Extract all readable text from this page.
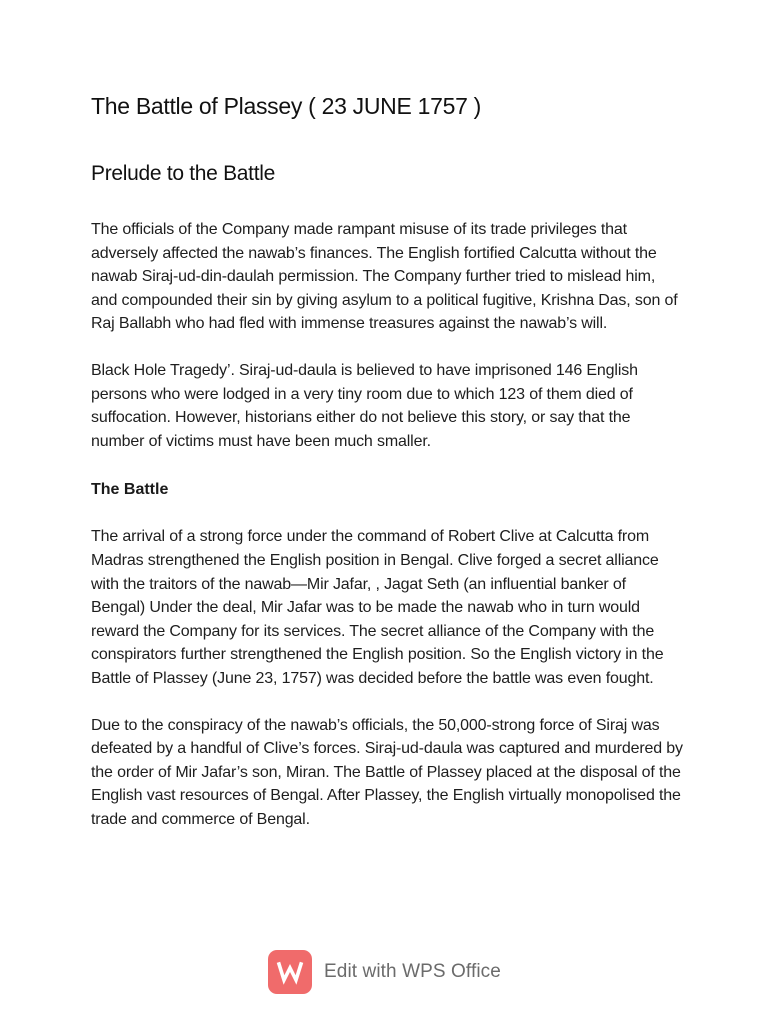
The Battle of Plassey ( 23 JUNE 1757 )
Prelude to the Battle

The officials of the Company made rampant misuse of its trade privileges that adversely affected the nawab’s finances. The English fortified Calcutta without the nawab Siraj-ud-din-daulah permission. The Company further tried to mislead him, and compounded their sin by giving asylum to a political fugitive, Krishna Das, son of Raj Ballabh who had fled with immense treasures against the nawab’s will.

Black Hole Tragedy’. Siraj-ud-daula is believed to have imprisoned 146 English persons who were lodged in a very tiny room due to which 123 of them died of suffocation. However, historians either do not believe this story, or say that the number of victims must have been much smaller.

The Battle

The arrival of a strong force under the command of Robert Clive at Calcutta from Madras strengthened the English position in Bengal. Clive forged a secret alliance with the traitors of the nawab—Mir Jafar, , Jagat Seth (an influential banker of Bengal) Under the deal, Mir Jafar was to be made the nawab who in turn would reward the Company for its services. The secret alliance of the Company with the conspirators further strengthened the English position. So the English victory in the Battle of Plassey (June 23, 1757) was decided before the battle was even fought.

Due to the conspiracy of the nawab’s officials, the 50,000-strong force of Siraj was defeated by a handful of Clive’s forces. Siraj-ud-daula was captured and murdered by the order of Mir Jafar’s son, Miran. The Battle of Plassey placed at the disposal of the English vast resources of Bengal. After Plassey, the English virtually monopolised the trade and commerce of Bengal.

Edit with WPS Office
